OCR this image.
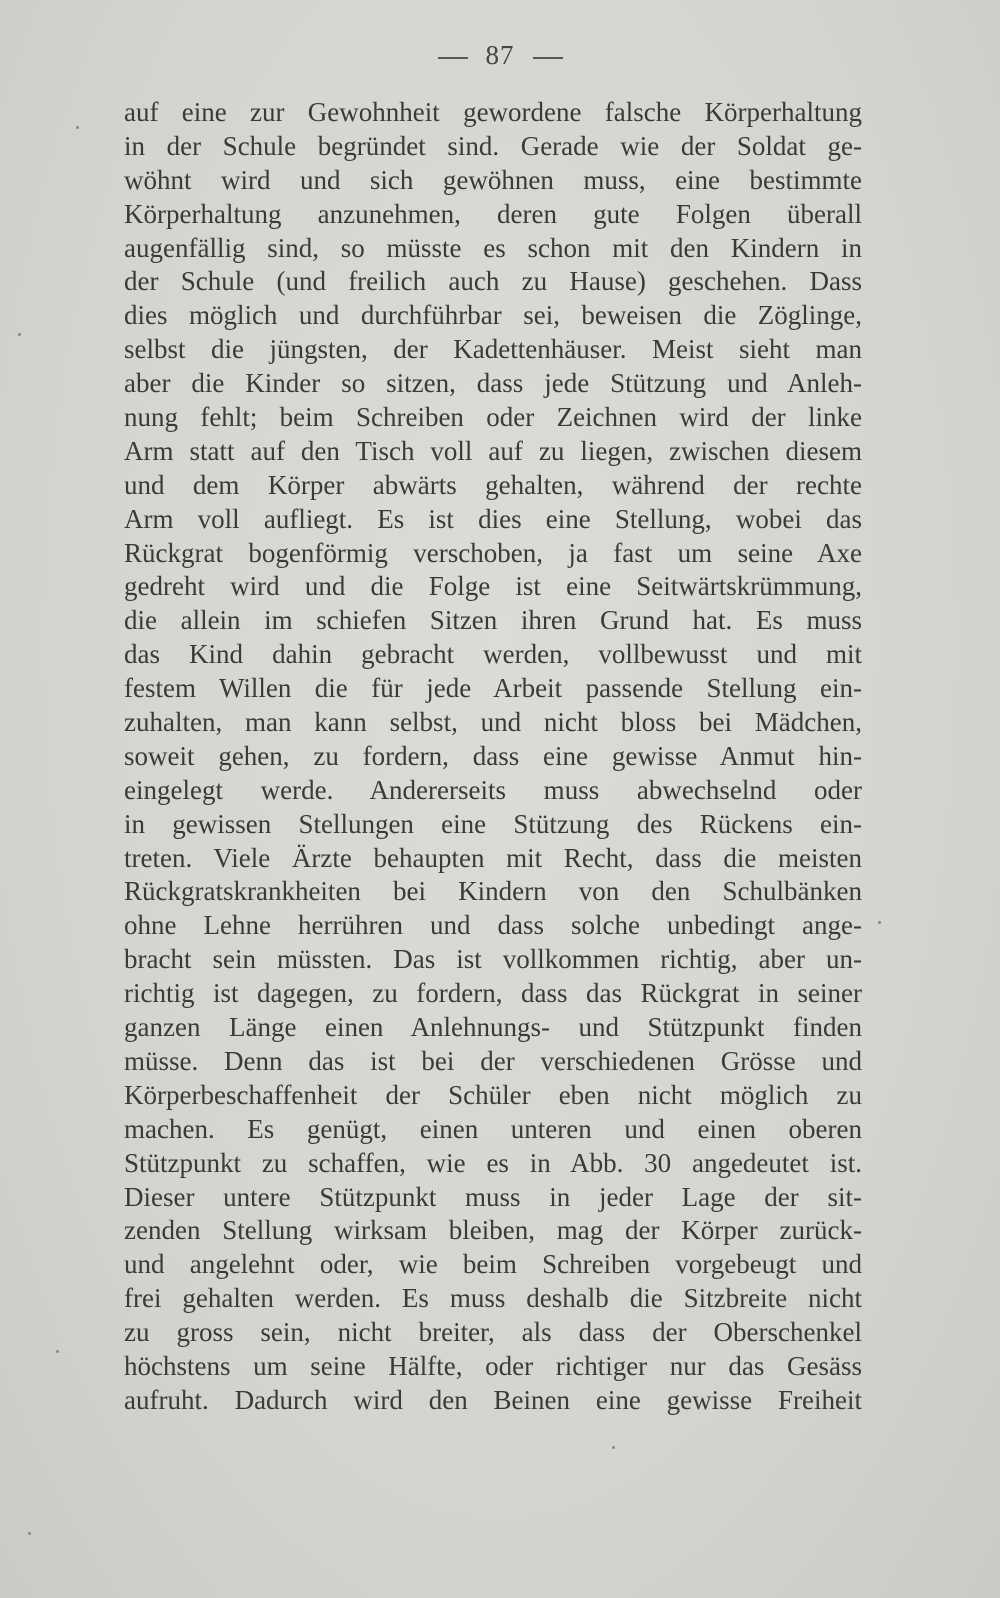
87
auf eine zur Gewohnheit gewordene falsche Körperhaltung
in der Schule begründet sind. Gerade wie der Soldat ge-
wöhnt wird und sich gewöhnen muss, eine bestimmte
Körperhaltung anzunehmen, deren gute Folgen überall
augenfällig sind, so müsste es schon mit den Kindern in
der Schule (und freilich auch zu Hause) geschehen. Dass
dies möglich und durchführbar sei, beweisen die Zöglinge,
selbst die jüngsten, der Kadettenhäuser. Meist sieht man
aber die Kinder so sitzen, dass jede Stützung und Anleh-
nung fehlt; beim Schreiben oder Zeichnen wird der linke
Arm statt auf den Tisch voll auf zu liegen, zwischen diesem
und dem Körper abwärts gehalten, während der rechte
Arm voll aufliegt. Es ist dies eine Stellung, wobei das
Rückgrat bogenförmig verschoben, ja fast um seine Axe
gedreht wird und die Folge ist eine Seitwärtskrümmung,
die allein im schiefen Sitzen ihren Grund hat. Es muss
das Kind dahin gebracht werden, vollbewusst und mit
festem Willen die für jede Arbeit passende Stellung ein-
zuhalten, man kann selbst, und nicht bloss bei Mädchen,
soweit gehen, zu fordern, dass eine gewisse Anmut hin-
eingelegt werde. Andererseits muss abwechselnd oder
in gewissen Stellungen eine Stützung des Rückens ein-
treten. Viele Ärzte behaupten mit Recht, dass die meisten
Rückgratskrankheiten bei Kindern von den Schulbänken
ohne Lehne herrühren und dass solche unbedingt ange-
bracht sein müssten. Das ist vollkommen richtig, aber un-
richtig ist dagegen, zu fordern, dass das Rückgrat in seiner
ganzen Länge einen Anlehnungs- und Stützpunkt finden
müsse. Denn das ist bei der verschiedenen Grösse und
Körperbeschaffenheit der Schüler eben nicht möglich zu
machen. Es genügt, einen unteren und einen oberen
Stützpunkt zu schaffen, wie es in Abb. 30 angedeutet ist.
Dieser untere Stützpunkt muss in jeder Lage der sit-
zenden Stellung wirksam bleiben, mag der Körper zurück-
und angelehnt oder, wie beim Schreiben vorgebeugt und
frei gehalten werden. Es muss deshalb die Sitzbreite nicht
zu gross sein, nicht breiter, als dass der Oberschenkel
höchstens um seine Hälfte, oder richtiger nur das Gesäss
aufruht. Dadurch wird den Beinen eine gewisse Freiheit
